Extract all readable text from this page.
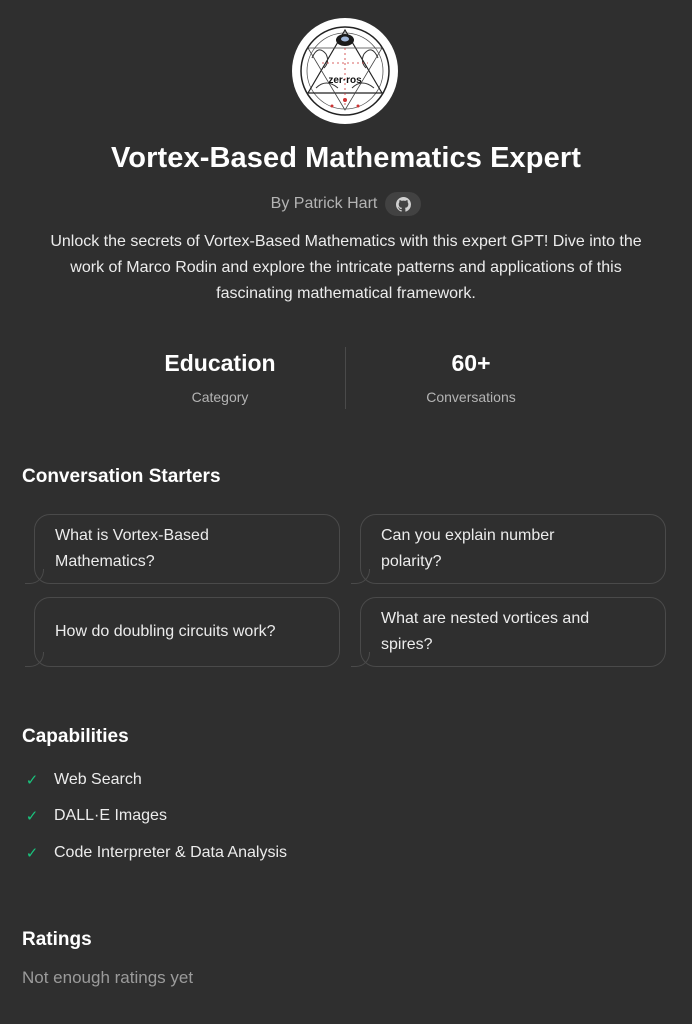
zer·ros
Vortex-Based Mathematics Expert
By Patrick Hart
Unlock the secrets of Vortex-Based Mathematics with this expert GPT! Dive into the work of Marco Rodin and explore the intricate patterns and applications of this fascinating mathematical framework.
Education
Category
60+
Conversations
Conversation Starters
What is Vortex-Based Mathematics?
Can you explain number polarity?
How do doubling circuits work?
What are nested vortices and spires?
Capabilities
✓ Web Search
✓ DALL·E Images
✓ Code Interpreter & Data Analysis
Ratings
Not enough ratings yet
